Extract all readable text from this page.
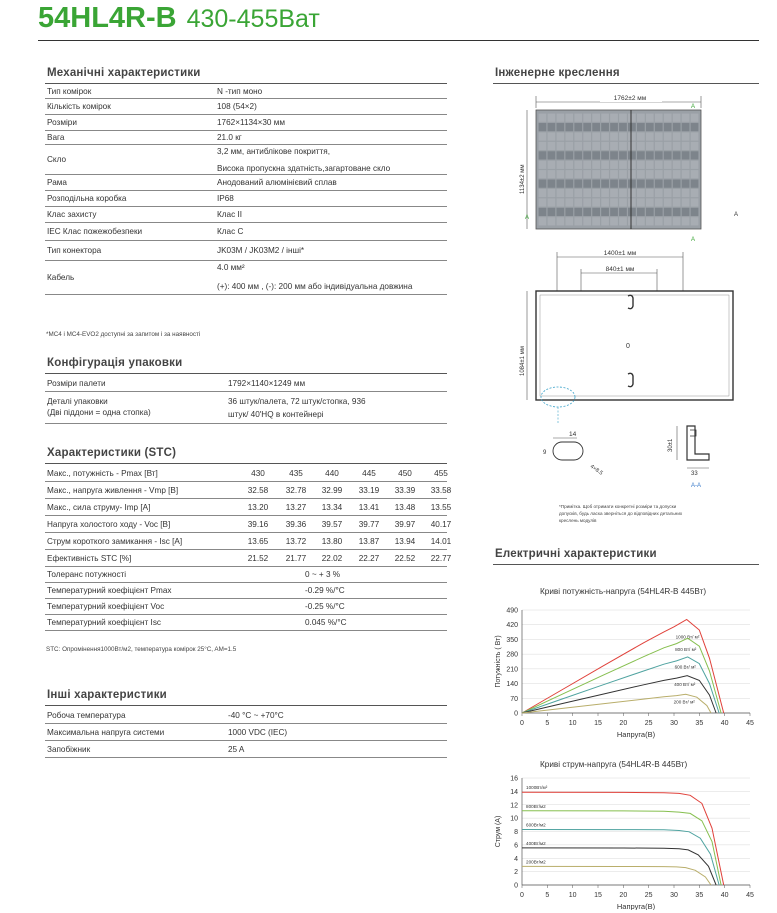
54HL4R-B 430-455Ват
Механічні характеристики
Тип комірок	N -тип моно
Кількість комірок	108 (54×2)
Розміри	1762×1134×30 мм
Вага	21.0 кг
Скло
3,2 мм, антиблікове покриття,
Висока пропускна здатність,загартоване скло
Рама	Анодований алюмінієвий сплав
Розподільна коробка	IP68
Клас захисту	Клас II
IEC Клас пожежобезпеки	Клас C
Тип конектора	JK03M / JK03M2 / інші*
Кабель
4.0 мм²
(+): 400 мм , (-): 200 мм або індивідуальна довжина
*MC4 і MC4-EVO2 доступні за запитом і за наявності
Конфігурація упаковки
Розміри палети	1792×1140×1249 мм
Деталі упаковки
(Дві піддони = одна стопка)
36 штук/палета, 72 штук/стопка, 936
штук/ 40'HQ в контейнері
Характеристики (STC)
Макс., потужність - Pmax [Вт]	430	435	440	445	450	455
Макс., напруга живлення - Vmp [В]	32.58	32.78	32.99	33.19	33.39	33.58
Макс., сила струму- Imp [A]	13.20	13.27	13.34	13.41	13.48	13.55
Напруга холостого ходу - Voc [В]	39.16	39.36	39.57	39.77	39.97	40.17
Струм короткого замикання - Isc [A]	13.65	13.72	13.80	13.87	13.94	14.01
Ефективність STC [%]	21.52	21.77	22.02	22.27	22.52	22.77
Толеранс потужності	0 ~ + 3 %
Температурний коефіцієнт Pmax	-0.29 %/°C
Температурний коефіцієнт Voc	-0.25 %/°C
Температурний коефіцієнт Isc	0.045 %/°C
STC: Опромінення1000Вт/м2, температура комірок 25°C, AM=1.5
Інші характеристики
Робоча температура	-40 °C ~ +70°C
Максимальна напруга системи	1000 VDC (IEC)
Запобіжник	25 A
Інженерне креслення
1762±2 мм
A
1134±2 мм
A	A
A
1400±1 мм
840±1 мм
1084±1 мм	0
14
9
4×8.5
30±1
33
A-A
*Примітка. Щоб отримати конкретні розміри та допуски
допусків, будь ласка зверніться до відповідних детальних
креслень модулів
Електричні характеристики
Криві потужність-напруга (54HL4R-B 445Вт)
0
70
140
210
280
350
420
490
0	5	10	15	20	25	30	35	40	45
1000 Вт/ м²
800 Вт/ м²
600 Вт/ м²
400 Вт/ м²
200 Вт/ м²
Напруга(В)
Потужність ( Вт)
Криві струм-напруга (54HL4R-B 445Вт)
0
2
4
6
8
10
12
14
16
0	5	10	15	20	25	30	35	40	45
1000Вт/м²
800Вт/м2
600Вт/м2
400Вт/м2
200Вт/м2
Напруга(В)
Струм (A)
